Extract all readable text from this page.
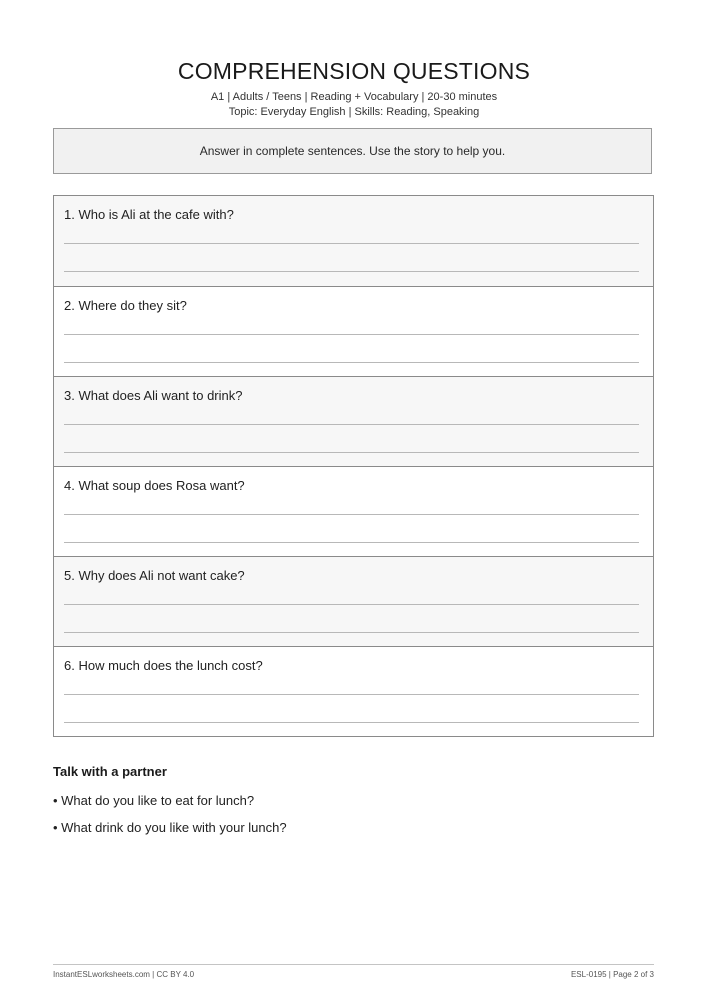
COMPREHENSION QUESTIONS
A1 | Adults / Teens | Reading + Vocabulary | 20-30 minutes
Topic: Everyday English | Skills: Reading, Speaking
Answer in complete sentences. Use the story to help you.
1. Who is Ali at the cafe with?
2. Where do they sit?
3. What does Ali want to drink?
4. What soup does Rosa want?
5. Why does Ali not want cake?
6. How much does the lunch cost?
Talk with a partner
• What do you like to eat for lunch?
• What drink do you like with your lunch?
InstantESLworksheets.com | CC BY 4.0	ESL-0195 | Page 2 of 3
